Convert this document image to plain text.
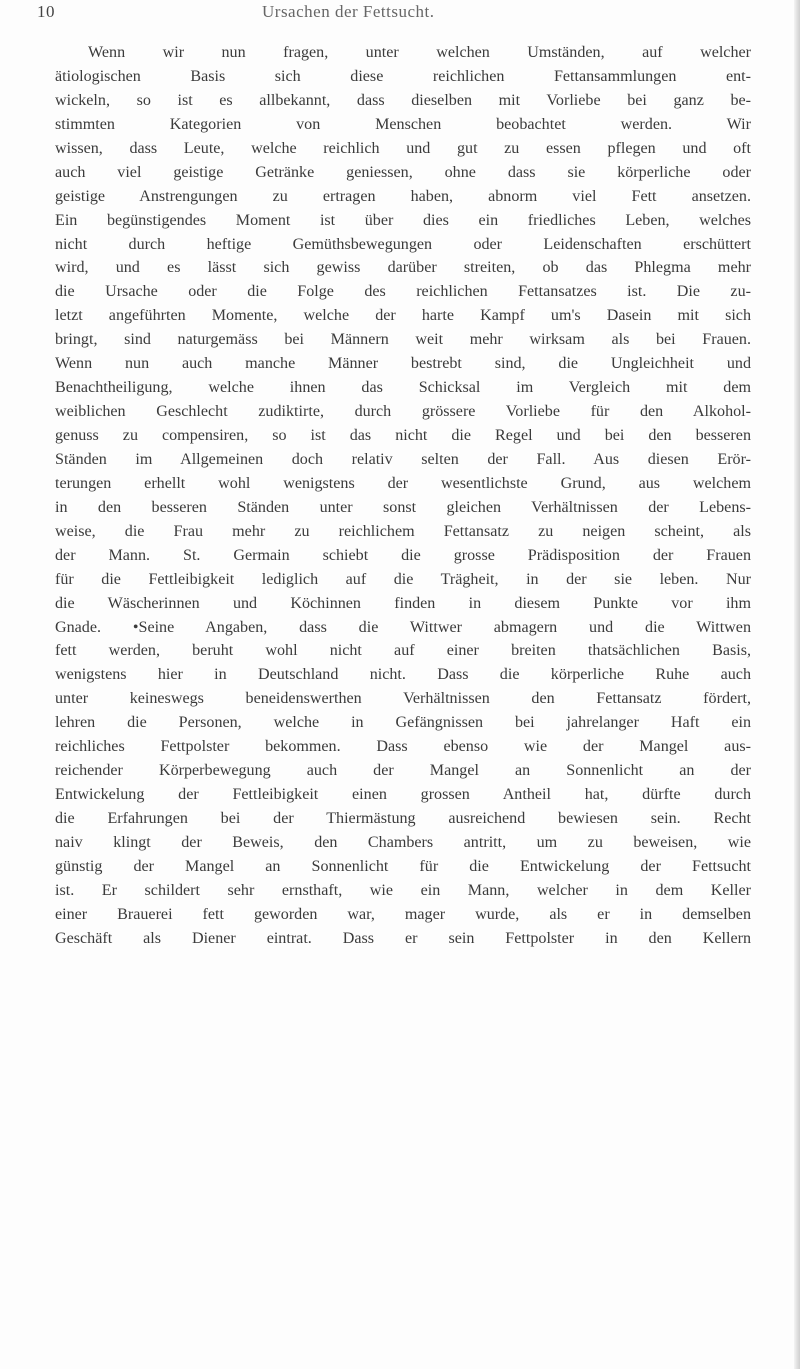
10	Ursachen der Fettsucht.
Wenn wir nun fragen, unter welchen Umständen, auf welcher
ätiologischen Basis sich diese reichlichen Fettansammlungen ent-
wickeln, so ist es allbekannt, dass dieselben mit Vorliebe bei ganz be-
stimmten Kategorien von Menschen beobachtet werden. Wir
wissen, dass Leute, welche reichlich und gut zu essen pflegen und oft
auch viel geistige Getränke geniessen, ohne dass sie körperliche oder
geistige Anstrengungen zu ertragen haben, abnorm viel Fett ansetzen.
Ein begünstigendes Moment ist über dies ein friedliches Leben, welches
nicht durch heftige Gemüthsbewegungen oder Leidenschaften erschüttert
wird, und es lässt sich gewiss darüber streiten, ob das Phlegma mehr
die Ursache oder die Folge des reichlichen Fettansatzes ist. Die zu-
letzt angeführten Momente, welche der harte Kampf um's Dasein mit sich
bringt, sind naturgemäss bei Männern weit mehr wirksam als bei Frauen.
Wenn nun auch manche Männer bestrebt sind, die Ungleichheit und
Benachtheiligung, welche ihnen das Schicksal im Vergleich mit dem
weiblichen Geschlecht zudiktirte, durch grössere Vorliebe für den Alkohol-
genuss zu compensiren, so ist das nicht die Regel und bei den besseren
Ständen im Allgemeinen doch relativ selten der Fall. Aus diesen Erör-
terungen erhellt wohl wenigstens der wesentlichste Grund, aus welchem
in den besseren Ständen unter sonst gleichen Verhältnissen der Lebens-
weise, die Frau mehr zu reichlichem Fettansatz zu neigen scheint, als
der Mann. St. Germain schiebt die grosse Prädisposition der Frauen
für die Fettleibigkeit lediglich auf die Trägheit, in der sie leben. Nur
die Wäscherinnen und Köchinnen finden in diesem Punkte vor ihm
Gnade. •Seine Angaben, dass die Wittwer abmagern und die Wittwen
fett werden, beruht wohl nicht auf einer breiten thatsächlichen Basis,
wenigstens hier in Deutschland nicht. Dass die körperliche Ruhe auch
unter keineswegs beneidenswerthen Verhältnissen den Fettansatz fördert,
lehren die Personen, welche in Gefängnissen bei jahrelanger Haft ein
reichliches Fettpolster bekommen. Dass ebenso wie der Mangel aus-
reichender Körperbewegung auch der Mangel an Sonnenlicht an der
Entwickelung der Fettleibigkeit einen grossen Antheil hat, dürfte durch
die Erfahrungen bei der Thiermästung ausreichend bewiesen sein. Recht
naiv klingt der Beweis, den Chambers antritt, um zu beweisen, wie
günstig der Mangel an Sonnenlicht für die Entwickelung der Fettsucht
ist. Er schildert sehr ernsthaft, wie ein Mann, welcher in dem Keller
einer Brauerei fett geworden war, mager wurde, als er in demselben
Geschäft als Diener eintrat. Dass er sein Fettpolster in den Kellern
